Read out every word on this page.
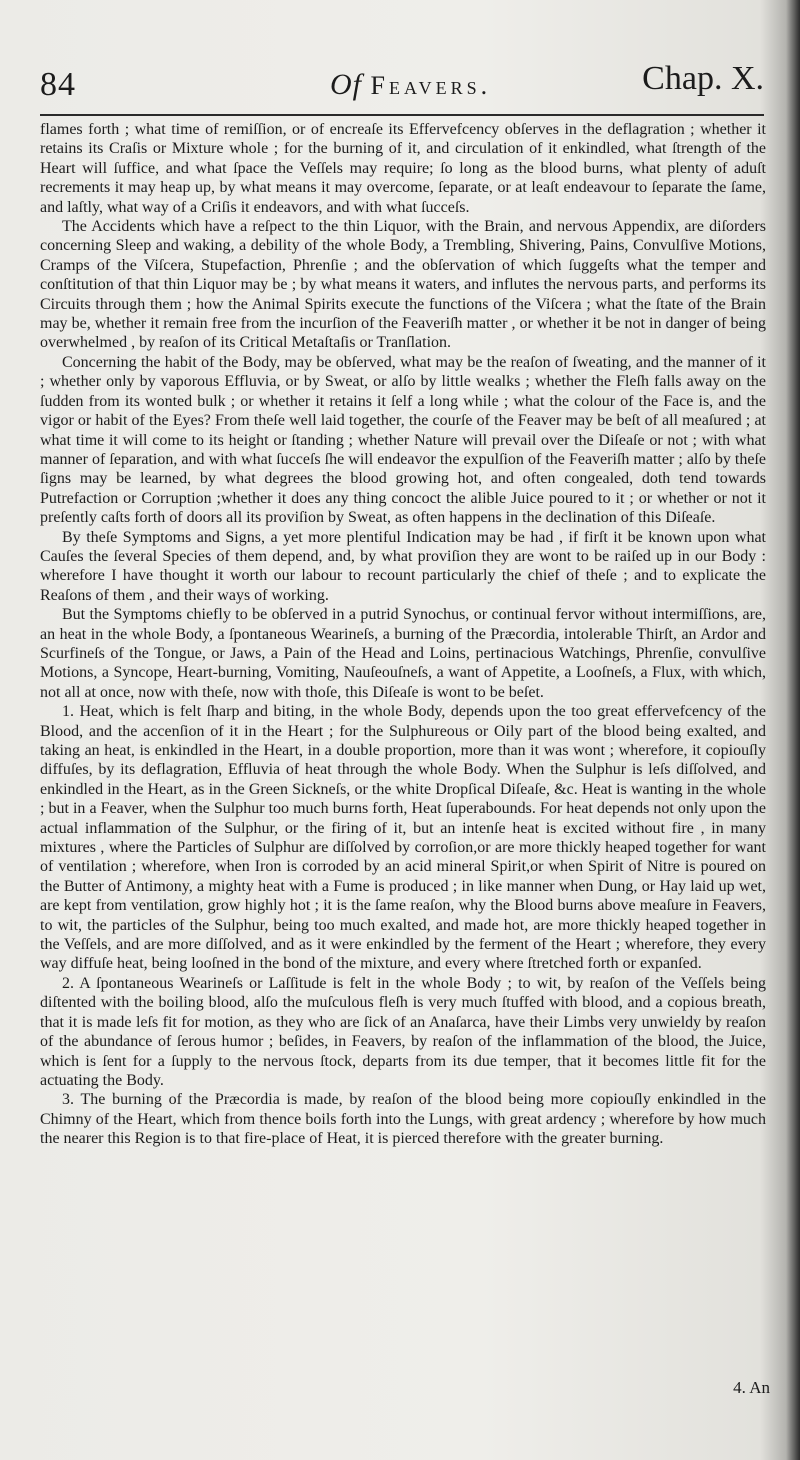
84	Of Feavers.	Chap. X.

flames forth ; what time of remiſſion, or of encreaſe its Effervefcency obſerves in the deflagration ; whether it retains its Craſis or Mixture whole ; for the burning of it, and circulation of it enkindled, what ſtrength of the Heart will ſuffice, and what ſpace the Veſſels may require; ſo long as the blood burns, what plenty of aduſt recrements it may heap up, by what means it may overcome, ſeparate, or at leaſt endeavour to ſeparate the ſame, and laſtly, what way of a Criſis it endeavors, and with what ſucceſs.

The Accidents which have a reſpect to the thin Liquor, with the Brain, and nervous Appendix, are diſorders concerning Sleep and waking, a debility of the whole Body, a Trembling, Shivering, Pains, Convulſive Motions, Cramps of the Viſcera, Stupefaction, Phrenſie ; and the obſervation of which ſuggeſts what the temper and conſtitution of that thin Liquor may be ; by what means it waters, and influtes the nervous parts, and performs its Circuits through them ; how the Animal Spirits execute the functions of the Viſcera ; what the ſtate of the Brain may be, whether it remain free from the incurſion of the Feaveriſh matter , or whether it be not in danger of being overwhelmed , by reaſon of its Critical Metaſtaſis or Tranſlation.

Concerning the habit of the Body, may be obſerved, what may be the reaſon of ſweating, and the manner of it ; whether only by vaporous Effluvia, or by Sweat, or alſo by little wealks ; whether the Fleſh falls away on the ſudden from its wonted bulk ; or whether it retains it ſelf a long while ; what the colour of the Face is, and the vigor or habit of the Eyes? From theſe well laid together, the courſe of the Feaver may be beſt of all meaſured ; at what time it will come to its height or ſtanding ; whether Nature will prevail over the Diſeaſe or not ; with what manner of ſeparation, and with what ſucceſs ſhe will endeavor the expulſion of the Feaveriſh matter ; alſo by theſe ſigns may be learned, by what degrees the blood growing hot, and often congealed, doth tend towards Putrefaction or Corruption ;whether it does any thing concoct the alible Juice poured to it ; or whether or not it preſently caſts forth of doors all its proviſion by Sweat, as often happens in the declination of this Diſeaſe.

By theſe Symptoms and Signs, a yet more plentiful Indication may be had , if firſt it be known upon what Cauſes the ſeveral Species of them depend, and, by what proviſion they are wont to be raiſed up in our Body : wherefore I have thought it worth our labour to recount particularly the chief of theſe ; and to explicate the Reaſons of them , and their ways of working.

But the Symptoms chiefly to be obſerved in a putrid Synochus, or continual fervor without intermiſſions, are, an heat in the whole Body, a ſpontaneous Wearineſs, a burning of the Præcordia, intolerable Thirſt, an Ardor and Scurfineſs of the Tongue, or Jaws, a Pain of the Head and Loins, pertinacious Watchings, Phrenſie, convulſive Motions, a Syncope, Heart-burning, Vomiting, Nauſeouſneſs, a want of Appetite, a Looſneſs, a Flux, with which, not all at once, now with theſe, now with thoſe, this Diſeaſe is wont to be beſet.

1. Heat, which is felt ſharp and biting, in the whole Body, depends upon the too great effervefcency of the Blood, and the accenſion of it in the Heart ; for the Sulphureous or Oily part of the blood being exalted, and taking an heat, is enkindled in the Heart, in a double proportion, more than it was wont ; wherefore, it copiouſly diffuſes, by its deflagration, Effluvia of heat through the whole Body. When the Sulphur is leſs diſſolved, and enkindled in the Heart, as in the Green Sickneſs, or the white Dropſical Diſeaſe, &c. Heat is wanting in the whole ; but in a Feaver, when the Sulphur too much burns forth, Heat ſuperabounds. For heat depends not only upon the actual inflammation of the Sulphur, or the firing of it, but an intenſe heat is excited without fire , in many mixtures , where the Particles of Sulphur are diſſolved by corroſion,or are more thickly heaped together for want of ventilation ; wherefore, when Iron is corroded by an acid mineral Spirit,or when Spirit of Nitre is poured on the Butter of Antimony, a mighty heat with a Fume is produced ; in like manner when Dung, or Hay laid up wet, are kept from ventilation, grow highly hot ; it is the ſame reaſon, why the Blood burns above meaſure in Feavers, to wit, the particles of the Sulphur, being too much exalted, and made hot, are more thickly heaped together in the Veſſels, and are more diſſolved, and as it were enkindled by the ferment of the Heart ; wherefore, they every way diffuſe heat, being looſned in the bond of the mixture, and every where ſtretched forth or expanſed.

2. A ſpontaneous Wearineſs or Laſſitude is felt in the whole Body ; to wit, by reaſon of the Veſſels being diſtented with the boiling blood, alſo the muſculous fleſh is very much ſtuffed with blood, and a copious breath, that it is made leſs fit for motion, as they who are ſick of an Anaſarca, have their Limbs very unwieldy by reaſon of the abundance of ſerous humor ; beſides, in Feavers, by reaſon of the inflammation of the blood, the Juice, which is ſent for a ſupply to the nervous ſtock, departs from its due temper, that it becomes little fit for the actuating the Body.

3. The burning of the Præcordia is made, by reaſon of the blood being more copiouſly enkindled in the Chimny of the Heart, which from thence boils forth into the Lungs, with great ardency ; wherefore by how much the nearer this Region is to that fire-place of Heat, it is pierced therefore with the greater burning.

4. An
